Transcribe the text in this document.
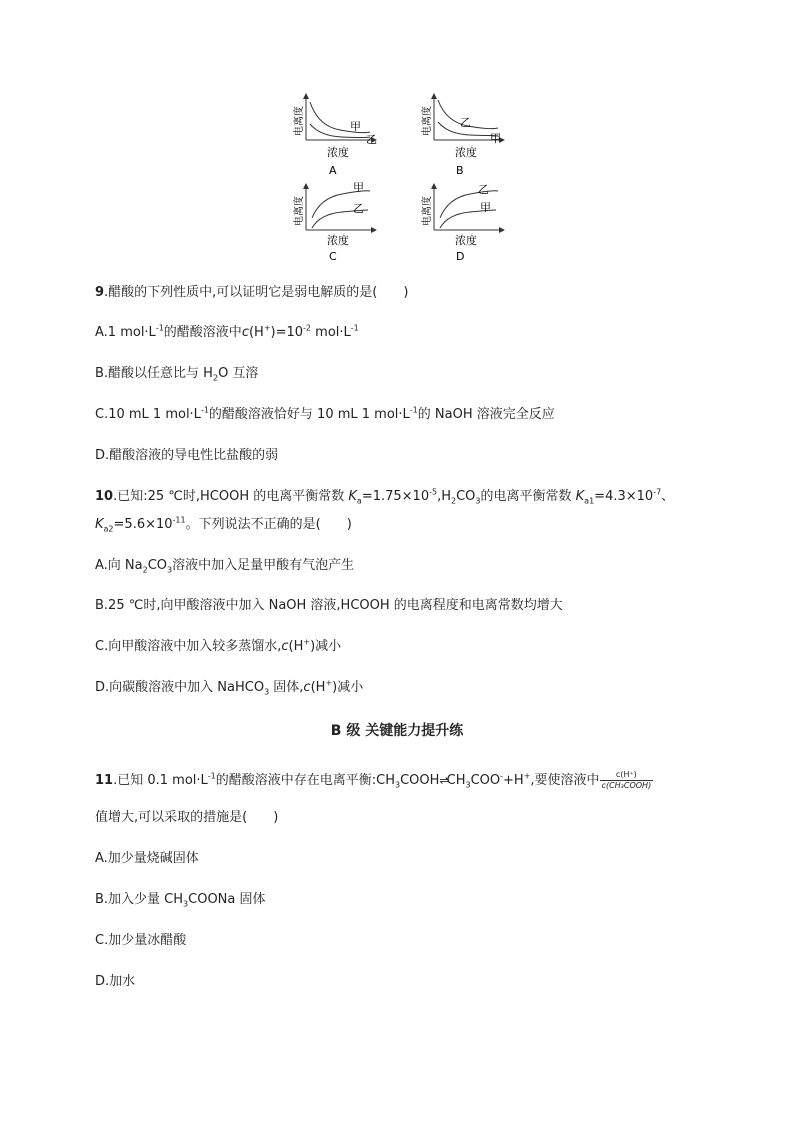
甲
乙
电离度
浓度
A
乙
甲
电离度
浓度
B
甲
乙
电离度
浓度
C
乙
甲
电离度
浓度
D
9.醋酸的下列性质中,可以证明它是弱电解质的是(　　)
A.1 $mol\cdot L^{-1}$的醋酸溶液中$c(H^+)=10^{-2}$ $mol\cdot L^{-1}$
B.醋酸以任意比与 $H_2O$ 互溶
C.10 mL 1 $mol\cdot L^{-1}$的醋酸溶液恰好与 10 mL 1 $mol\cdot L^{-1}$的 NaOH 溶液完全反应
D.醋酸溶液的导电性比盐酸的弱
10.已知:25 ℃时,HCOOH 的电离平衡常数 $K_a=1.75\times 10^{-5},H_2CO_3$的电离平衡常数 $K_{a1}=4.3\times 10^{-7}$、
$K_{a2}=5.6\times 10^{-11}$。下列说法不正确的是(　　)
A.向 $Na_2CO_3$溶液中加入足量甲酸有气泡产生
B.25 ℃时,向甲酸溶液中加入 NaOH 溶液,HCOOH 的电离程度和电离常数均增大
C.向甲酸溶液中加入较多蒸馏水,c(H+)减小
D.向碳酸溶液中加入 NaHCO$_3$ 固体,c(H+)减小
B 级 关键能力提升练
11.已知 0.1 $mol\cdot L^{-1}$的醋酸溶液中存在电离平衡$:CH_3COOH\rightleftharpoons CH_3COO^-+H^+$,要使溶液中 $\frac{c(H^+)}{\text{c(CH₃COOH)}}$
值增大,可以采取的措施是(　　)
A.加少量烧碱固体
B.加入少量 $CH_3COONa$ 固体
C.加少量冰醋酸
D.加水
